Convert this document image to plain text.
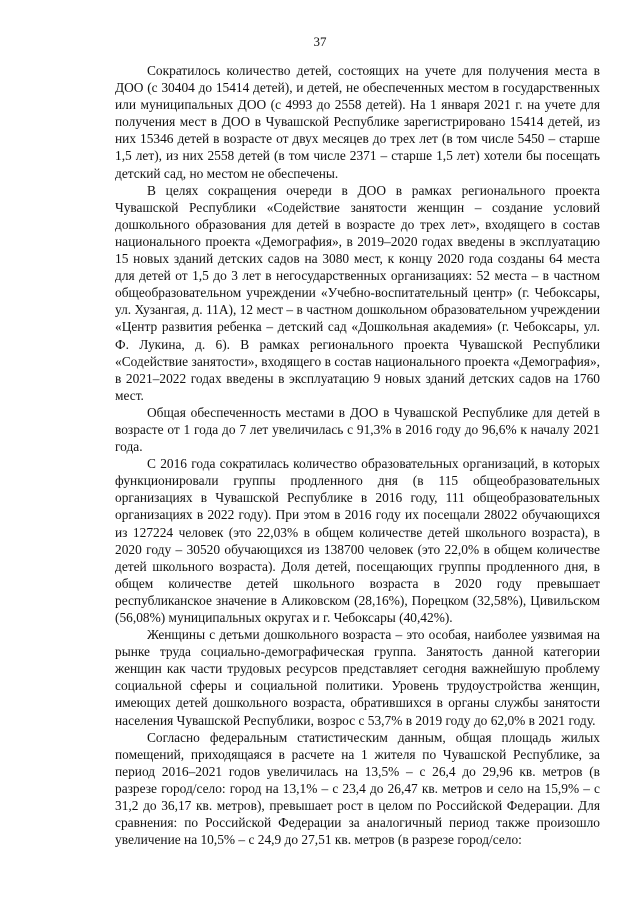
37

Сократилось количество детей, состоящих на учете для получения места в ДОО (с 30404 до 15414 детей), и детей, не обеспеченных местом в государственных или муниципальных ДОО (с 4993 до 2558 детей). На 1 января 2021 г. на учете для получения мест в ДОО в Чувашской Республике зарегистрировано 15414 детей, из них 15346 детей в возрасте от двух месяцев до трех лет (в том числе 5450 – старше 1,5 лет), из них 2558 детей (в том числе 2371 – старше 1,5 лет) хотели бы посещать детский сад, но местом не обеспечены.

В целях сокращения очереди в ДОО в рамках регионального проекта Чувашской Республики «Содействие занятости женщин – создание условий дошкольного образования для детей в возрасте до трех лет», входящего в состав национального проекта «Демография», в 2019–2020 годах введены в эксплуатацию 15 новых зданий детских садов на 3080 мест, к концу 2020 года созданы 64 места для детей от 1,5 до 3 лет в негосударственных организациях: 52 места – в частном общеобразовательном учреждении «Учебно-воспитательный центр» (г. Чебоксары, ул. Хузангая, д. 11А), 12 мест – в частном дошкольном образовательном учреждении «Центр развития ребенка – детский сад «Дошкольная академия» (г. Чебоксары, ул. Ф. Лукина, д. 6). В рамках регионального проекта Чувашской Республики «Содействие занятости», входящего в состав национального проекта «Демография», в 2021–2022 годах введены в эксплуатацию 9 новых зданий детских садов на 1760 мест.

Общая обеспеченность местами в ДОО в Чувашской Республике для детей в возрасте от 1 года до 7 лет увеличилась с 91,3% в 2016 году до 96,6% к началу 2021 года.

С 2016 года сократилась количество образовательных организаций, в которых функционировали группы продленного дня (в 115 общеобразовательных организациях в Чувашской Республике в 2016 году, 111 общеобразовательных организациях в 2022 году). При этом в 2016 году их посещали 28022 обучающихся из 127224 человек (это 22,03% в общем количестве детей школьного возраста), в 2020 году – 30520 обучающихся из 138700 человек (это 22,0% в общем количестве детей школьного возраста). Доля детей, посещающих группы продленного дня, в общем количестве детей школьного возраста в 2020 году превышает республиканское значение в Аликовском (28,16%), Порецком (32,58%), Цивильском (56,08%) муниципальных округах и г. Чебоксары (40,42%).

Женщины с детьми дошкольного возраста – это особая, наиболее уязвимая на рынке труда социально-демографическая группа. Занятость данной категории женщин как части трудовых ресурсов представляет сегодня важнейшую проблему социальной сферы и социальной политики. Уровень трудоустройства женщин, имеющих детей дошкольного возраста, обратившихся в органы службы занятости населения Чувашской Республики, возрос с 53,7% в 2019 году до 62,0% в 2021 году.

Согласно федеральным статистическим данным, общая площадь жилых помещений, приходящаяся в расчете на 1 жителя по Чувашской Республике, за период 2016–2021 годов увеличилась на 13,5% – с 26,4 до 29,96 кв. метров (в разрезе город/село: город на 13,1% – с 23,4 до 26,47 кв. метров и село на 15,9% – с 31,2 до 36,17 кв. метров), превышает рост в целом по Российской Федерации. Для сравнения: по Российской Федерации за аналогичный период также произошло увеличение на 10,5% – с 24,9 до 27,51 кв. метров (в разрезе город/село:
